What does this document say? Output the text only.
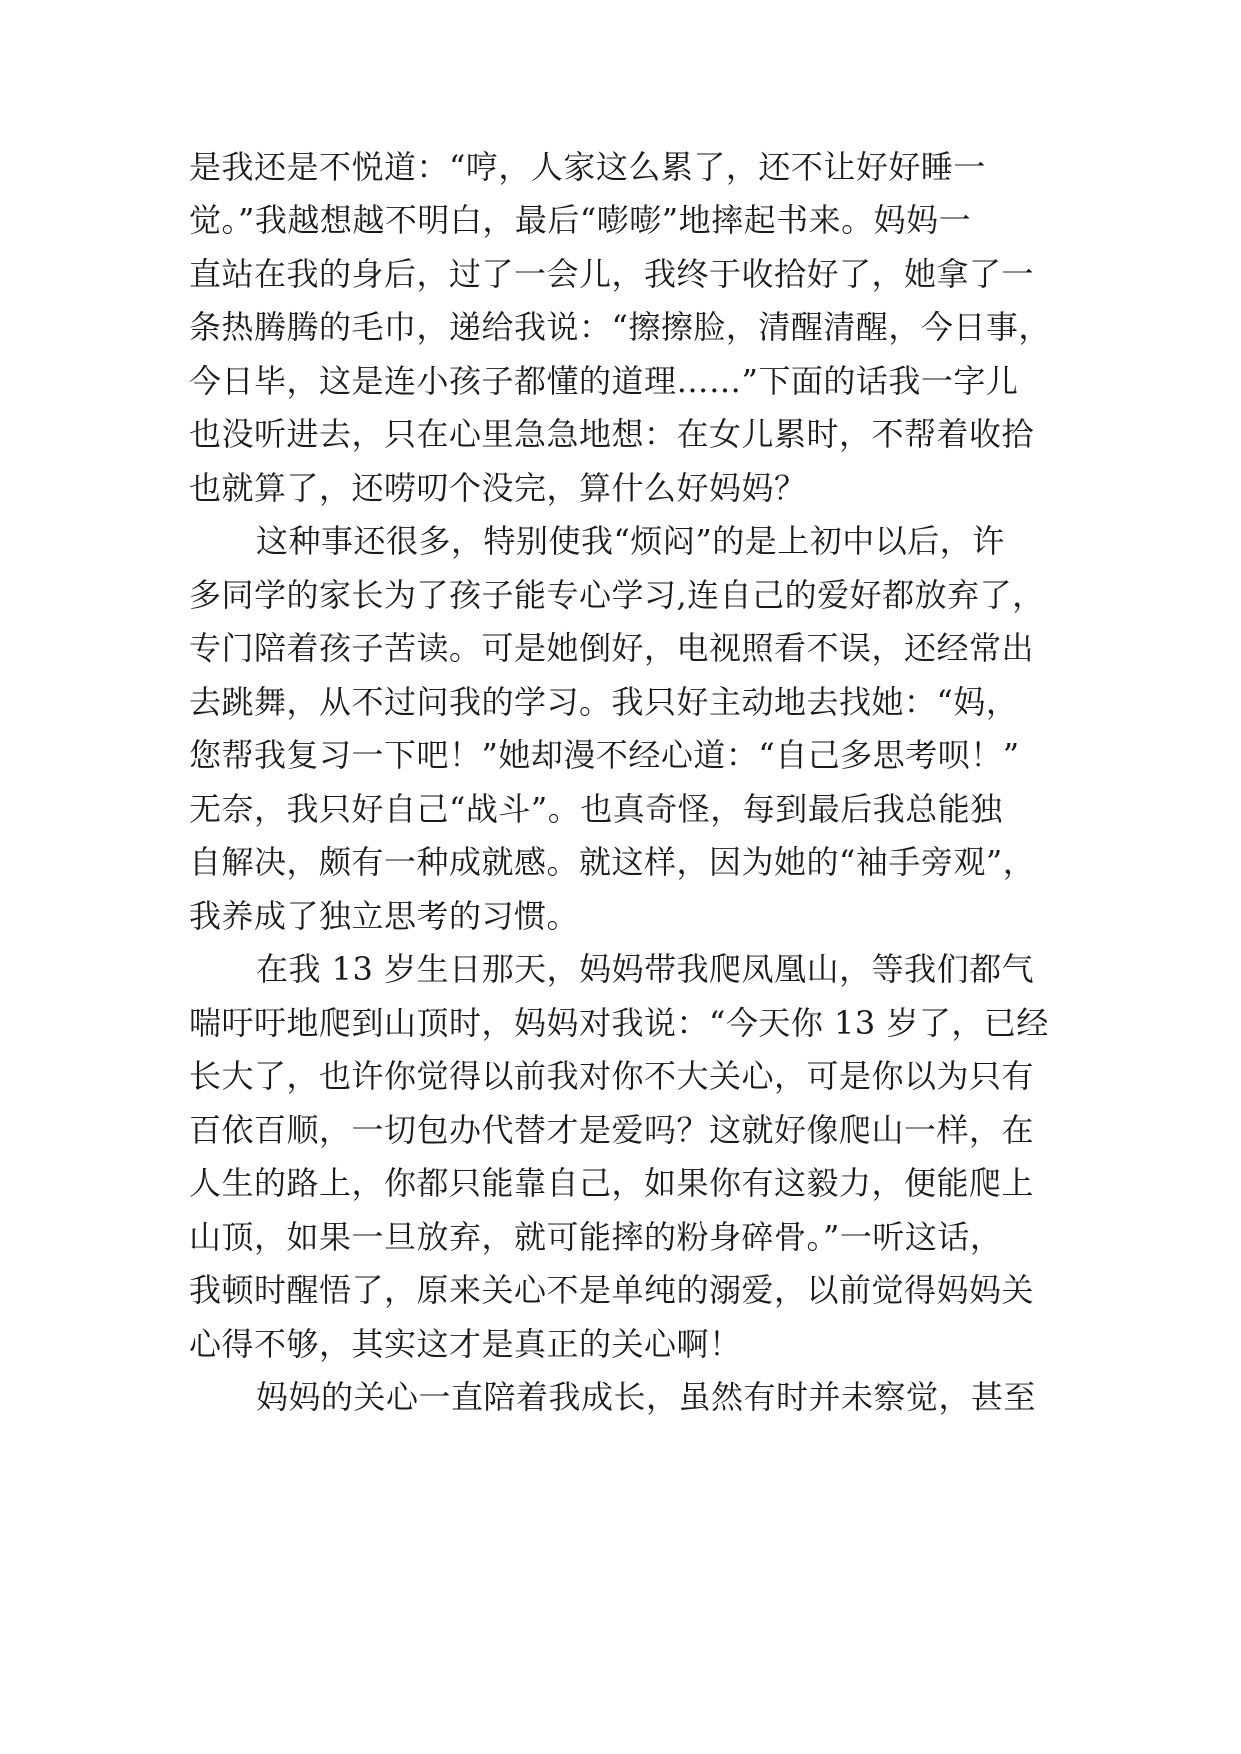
是我还是不悦道：“哼，人家这么累了，还不让好好睡一

觉。”我越想越不明白，最后“嘭嘭”地摔起书来。妈妈一

直站在我的身后，过了一会儿，我终于收拾好了，她拿了一

条热腾腾的毛巾，递给我说：“擦擦脸，清醒清醒，今日事，

今日毕，这是连小孩子都懂的道理……”下面的话我一字儿

也没听进去，只在心里急急地想：在女儿累时，不帮着收拾

也就算了，还唠叨个没完，算什么好妈妈？

这种事还很多，特别使我“烦闷”的是上初中以后，许

多同学的家长为了孩子能专心学习,连自己的爱好都放弃了，

专门陪着孩子苦读。可是她倒好，电视照看不误，还经常出

去跳舞，从不过问我的学习。我只好主动地去找她：“妈，

您帮我复习一下吧！”她却漫不经心道：“自己多思考呗！”

无奈，我只好自己“战斗”。也真奇怪，每到最后我总能独

自解决，颇有一种成就感。就这样，因为她的“袖手旁观”，

我养成了独立思考的习惯。

在我 13 岁生日那天，妈妈带我爬凤凰山，等我们都气

喘吁吁地爬到山顶时，妈妈对我说：“今天你 13 岁了，已经

长大了，也许你觉得以前我对你不大关心，可是你以为只有

百依百顺，一切包办代替才是爱吗？这就好像爬山一样，在

人生的路上，你都只能靠自己，如果你有这毅力，便能爬上

山顶，如果一旦放弃，就可能摔的粉身碎骨。”一听这话，

我顿时醒悟了，原来关心不是单纯的溺爱，以前觉得妈妈关

心得不够，其实这才是真正的关心啊！

妈妈的关心一直陪着我成长，虽然有时并未察觉，甚至
